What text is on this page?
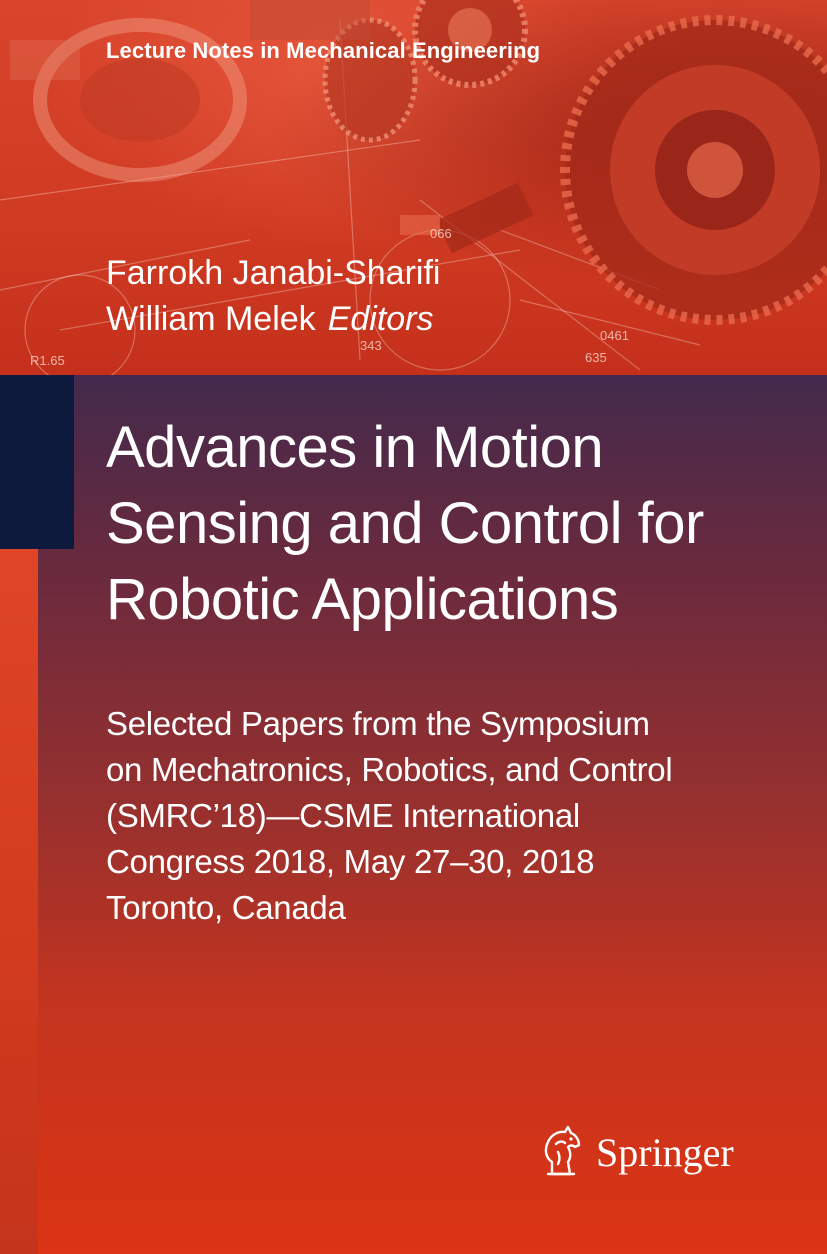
R1.65
343
635
066
0461
Lecture Notes in Mechanical Engineering
Farrokh Janabi-Sharifi
William Melek Editors
Advances in Motion
Sensing and Control for
Robotic Applications
Selected Papers from the Symposium
on Mechatronics, Robotics, and Control
(SMRC’18)—CSME International
Congress 2018, May 27–30, 2018
Toronto, Canada
Springer
